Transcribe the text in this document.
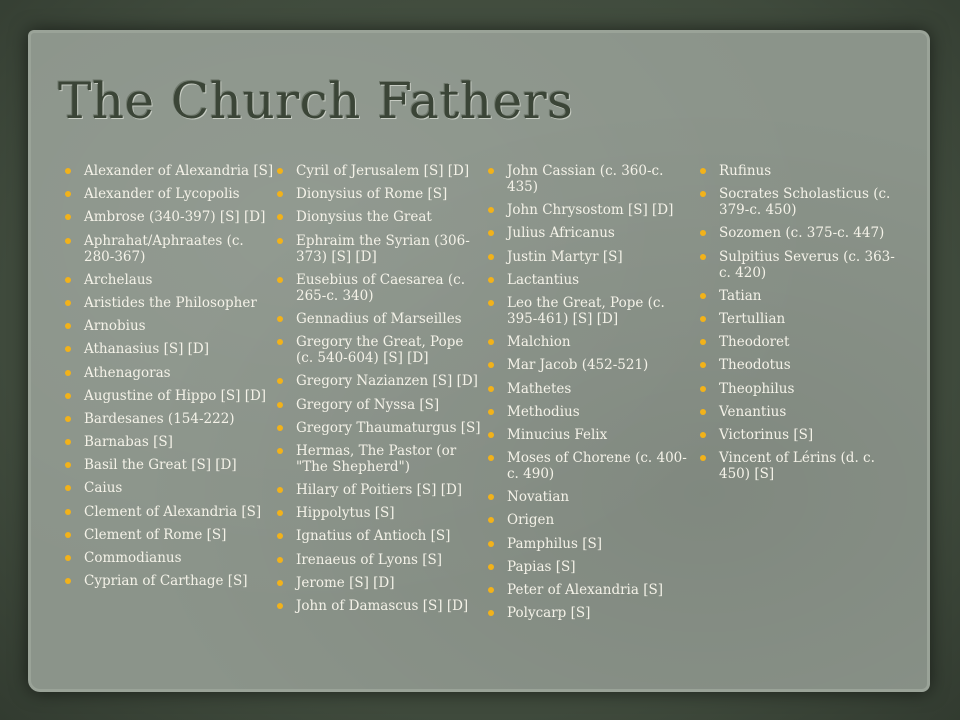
The Church Fathers
Alexander of Alexandria [S]
Alexander of Lycopolis
Ambrose (340-397) [S] [D]
Aphrahat/Aphraates (c. 280-367)
Archelaus
Aristides the Philosopher
Arnobius
Athanasius [S] [D]
Athenagoras
Augustine of Hippo [S] [D]
Bardesanes (154-222)
Barnabas [S]
Basil the Great [S] [D]
Caius
Clement of Alexandria [S]
Clement of Rome [S]
Commodianus
Cyprian of Carthage [S]
Cyril of Jerusalem [S] [D]
Dionysius of Rome [S]
Dionysius the Great
Ephraim the Syrian (306-373) [S] [D]
Eusebius of Caesarea (c. 265-c. 340)
Gennadius of Marseilles
Gregory the Great, Pope (c. 540-604) [S] [D]
Gregory Nazianzen [S] [D]
Gregory of Nyssa [S]
Gregory Thaumaturgus [S]
Hermas, The Pastor (or "The Shepherd")
Hilary of Poitiers [S] [D]
Hippolytus [S]
Ignatius of Antioch [S]
Irenaeus of Lyons [S]
Jerome [S] [D]
John of Damascus [S] [D]
John Cassian (c. 360-c. 435)
John Chrysostom [S] [D]
Julius Africanus
Justin Martyr [S]
Lactantius
Leo the Great, Pope (c. 395-461) [S] [D]
Malchion
Mar Jacob (452-521)
Mathetes
Methodius
Minucius Felix
Moses of Chorene (c. 400-c. 490)
Novatian
Origen
Pamphilus [S]
Papias [S]
Peter of Alexandria [S]
Polycarp [S]
Rufinus
Socrates Scholasticus (c. 379-c. 450)
Sozomen (c. 375-c. 447)
Sulpitius Severus (c. 363-c. 420)
Tatian
Tertullian
Theodoret
Theodotus
Theophilus
Venantius
Victorinus [S]
Vincent of Lérins (d. c. 450) [S]
